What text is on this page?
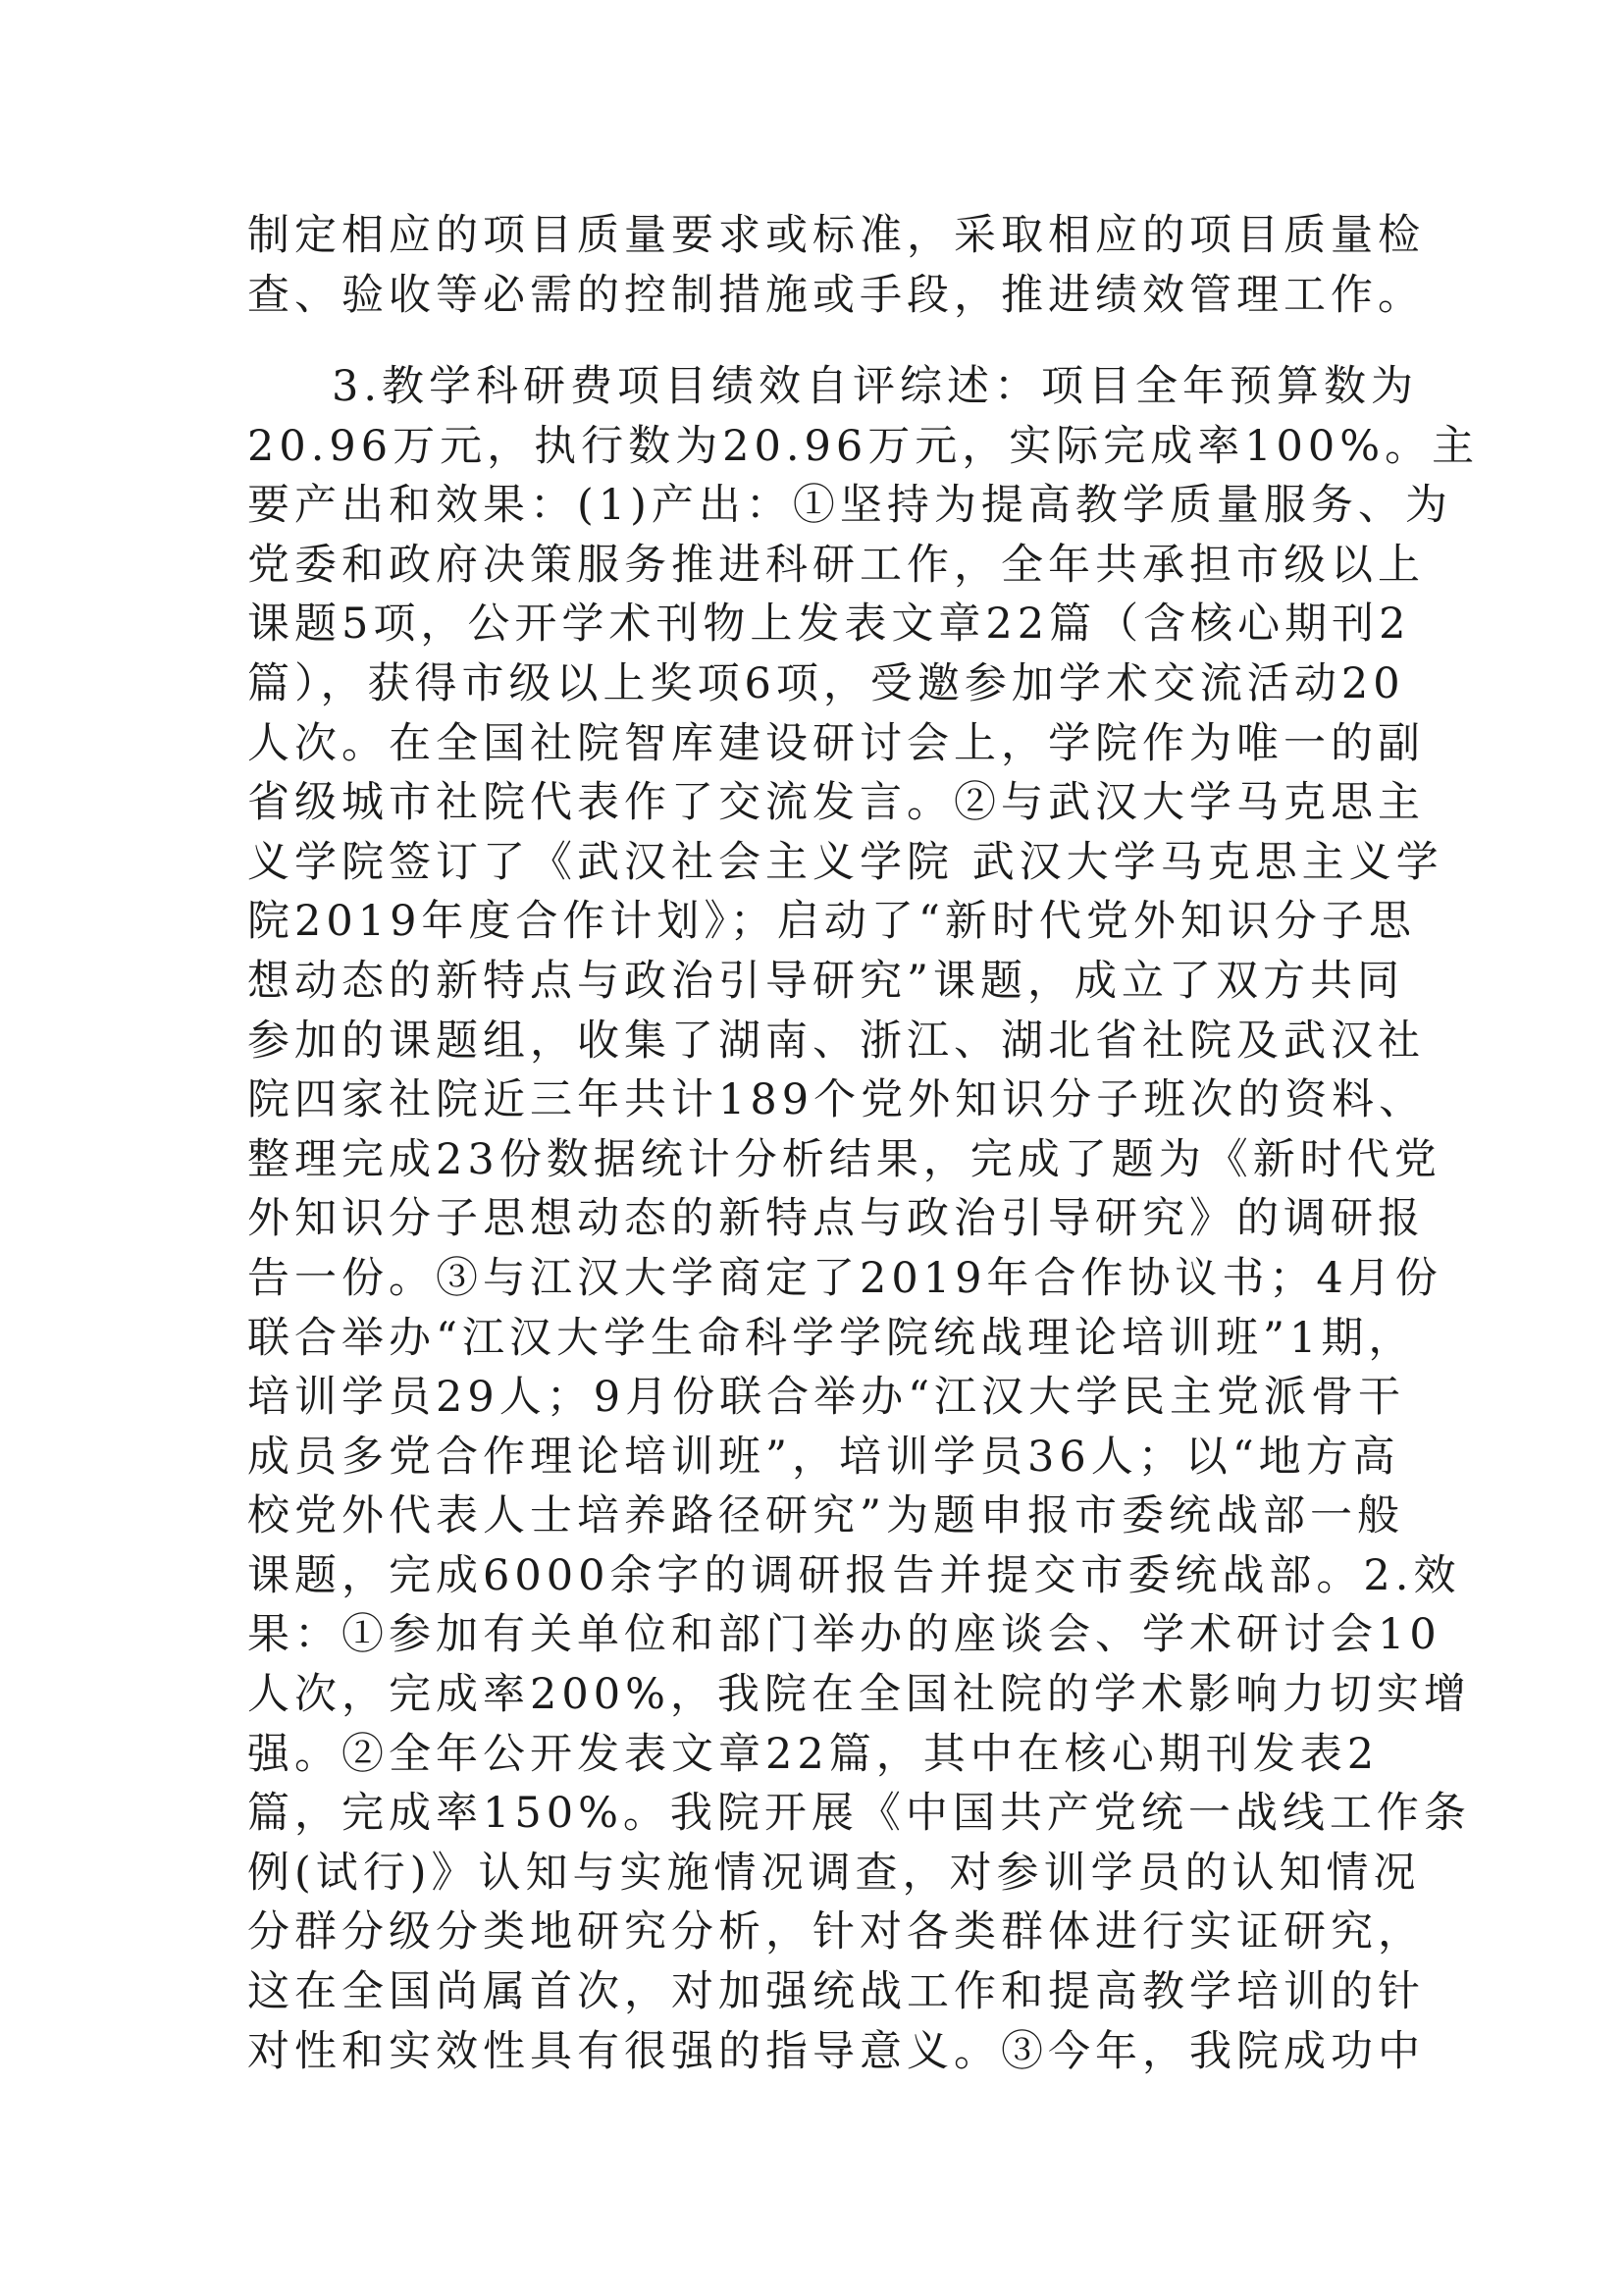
制定相应的项目质量要求或标准，采取相应的项目质量检
查、验收等必需的控制措施或手段，推进绩效管理工作。
3.教学科研费项目绩效自评综述：项目全年预算数为
20.96万元，执行数为20.96万元，实际完成率100%。主
要产出和效果：(1)产出：①坚持为提高教学质量服务、为
党委和政府决策服务推进科研工作，全年共承担市级以上
课题5项，公开学术刊物上发表文章22篇（含核心期刊2
篇），获得市级以上奖项6项，受邀参加学术交流活动20
人次。在全国社院智库建设研讨会上，学院作为唯一的副
省级城市社院代表作了交流发言。②与武汉大学马克思主
义学院签订了《武汉社会主义学院 武汉大学马克思主义学
院2019年度合作计划》；启动了“新时代党外知识分子思
想动态的新特点与政治引导研究”课题，成立了双方共同
参加的课题组，收集了湖南、浙江、湖北省社院及武汉社
院四家社院近三年共计189个党外知识分子班次的资料、
整理完成23份数据统计分析结果，完成了题为《新时代党
外知识分子思想动态的新特点与政治引导研究》的调研报
告一份。③与江汉大学商定了2019年合作协议书；4月份
联合举办“江汉大学生命科学学院统战理论培训班”1期，
培训学员29人；9月份联合举办“江汉大学民主党派骨干
成员多党合作理论培训班”，培训学员36人；以“地方高
校党外代表人士培养路径研究”为题申报市委统战部一般
课题，完成6000余字的调研报告并提交市委统战部。2.效
果：①参加有关单位和部门举办的座谈会、学术研讨会10
人次，完成率200%，我院在全国社院的学术影响力切实增
强。②全年公开发表文章22篇，其中在核心期刊发表2
篇，完成率150%。我院开展《中国共产党统一战线工作条
例(试行)》认知与实施情况调查，对参训学员的认知情况
分群分级分类地研究分析，针对各类群体进行实证研究，
这在全国尚属首次，对加强统战工作和提高教学培训的针
对性和实效性具有很强的指导意义。③今年，我院成功中
